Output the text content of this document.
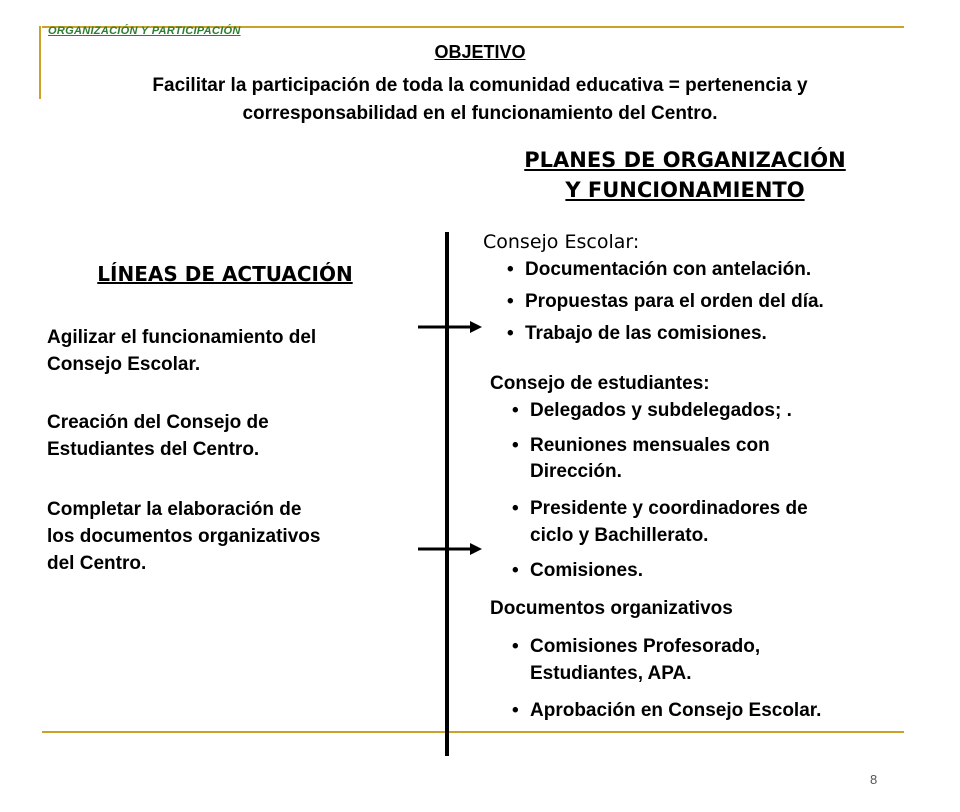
ORGANIZACIÓN Y PARTICIPACIÓN
OBJETIVO
Facilitar la participación de toda la comunidad educativa = pertenencia y
corresponsabilidad en el funcionamiento del Centro.
PLANES DE ORGANIZACIÓN
Y FUNCIONAMIENTO
LÍNEAS DE ACTUACIÓN
Agilizar el funcionamiento del
Consejo Escolar.
Creación del Consejo de
Estudiantes del Centro.
Completar la elaboración de
los documentos organizativos
del Centro.
Consejo Escolar:
• Documentación con antelación.
• Propuestas para el orden del día.
• Trabajo de las comisiones.
Consejo de estudiantes:
• Delegados y subdelegados; .
• Reuniones mensuales con
Dirección.
• Presidente y coordinadores de
ciclo y Bachillerato.
• Comisiones.
Documentos organizativos
• Comisiones Profesorado,
Estudiantes, APA.
• Aprobación en Consejo Escolar.
8
